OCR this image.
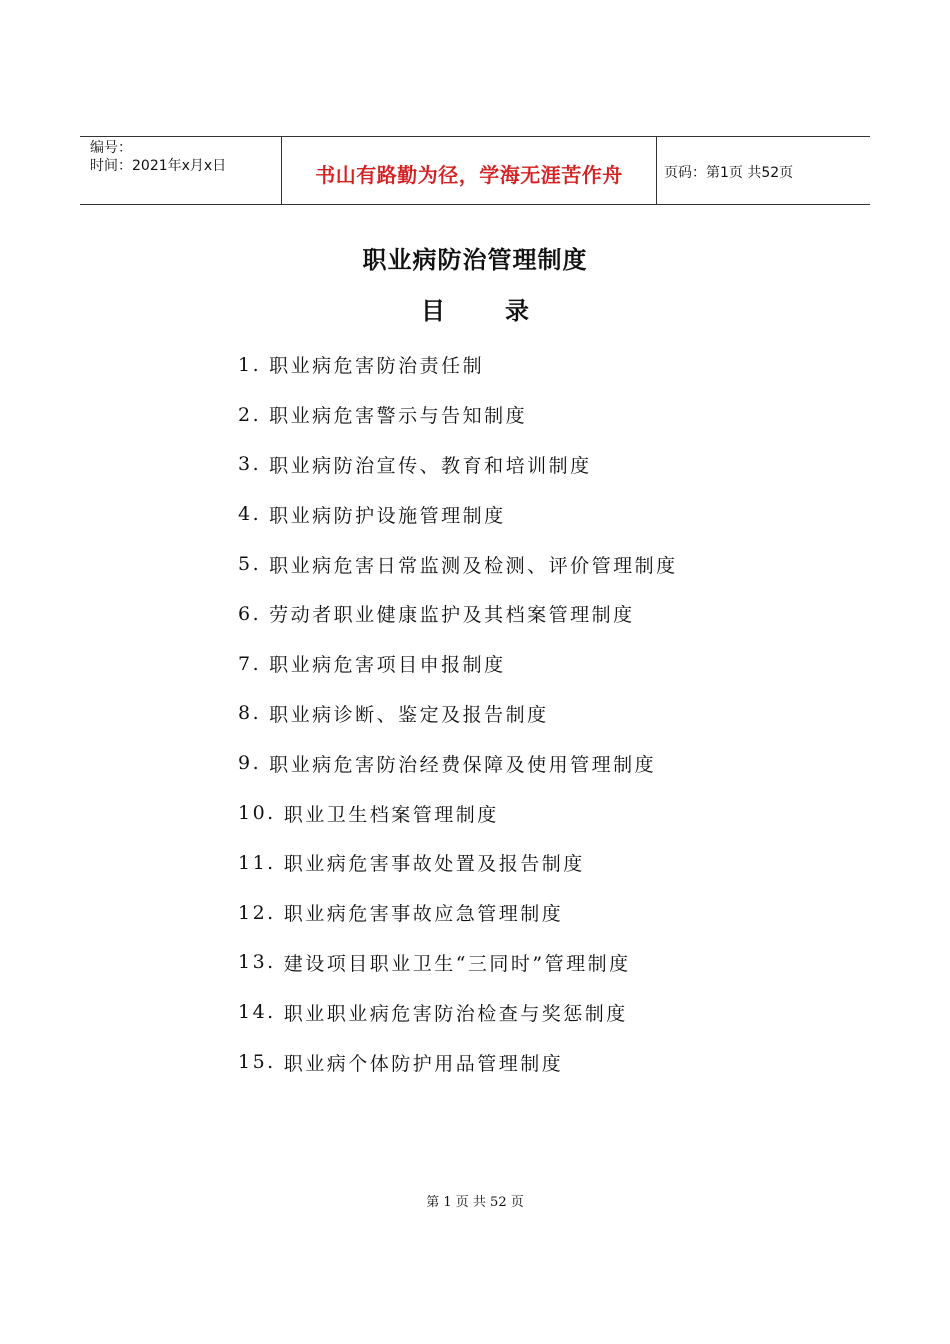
编号：
时间：2021年x月x日	书山有路勤为径，学海无涯苦作舟	页码：第1页 共52页
职业病防治管理制度
目录
1. 职业病危害防治责任制
2. 职业病危害警示与告知制度
3. 职业病防治宣传、教育和培训制度
4. 职业病防护设施管理制度
5. 职业病危害日常监测及检测、评价管理制度
6. 劳动者职业健康监护及其档案管理制度
7. 职业病危害项目申报制度
8. 职业病诊断、鉴定及报告制度
9. 职业病危害防治经费保障及使用管理制度
10. 职业卫生档案管理制度
11. 职业病危害事故处置及报告制度
12. 职业病危害事故应急管理制度
13. 建设项目职业卫生“三同时”管理制度
14. 职业职业病危害防治检查与奖惩制度
15. 职业病个体防护用品管理制度
第 1 页 共 52 页
